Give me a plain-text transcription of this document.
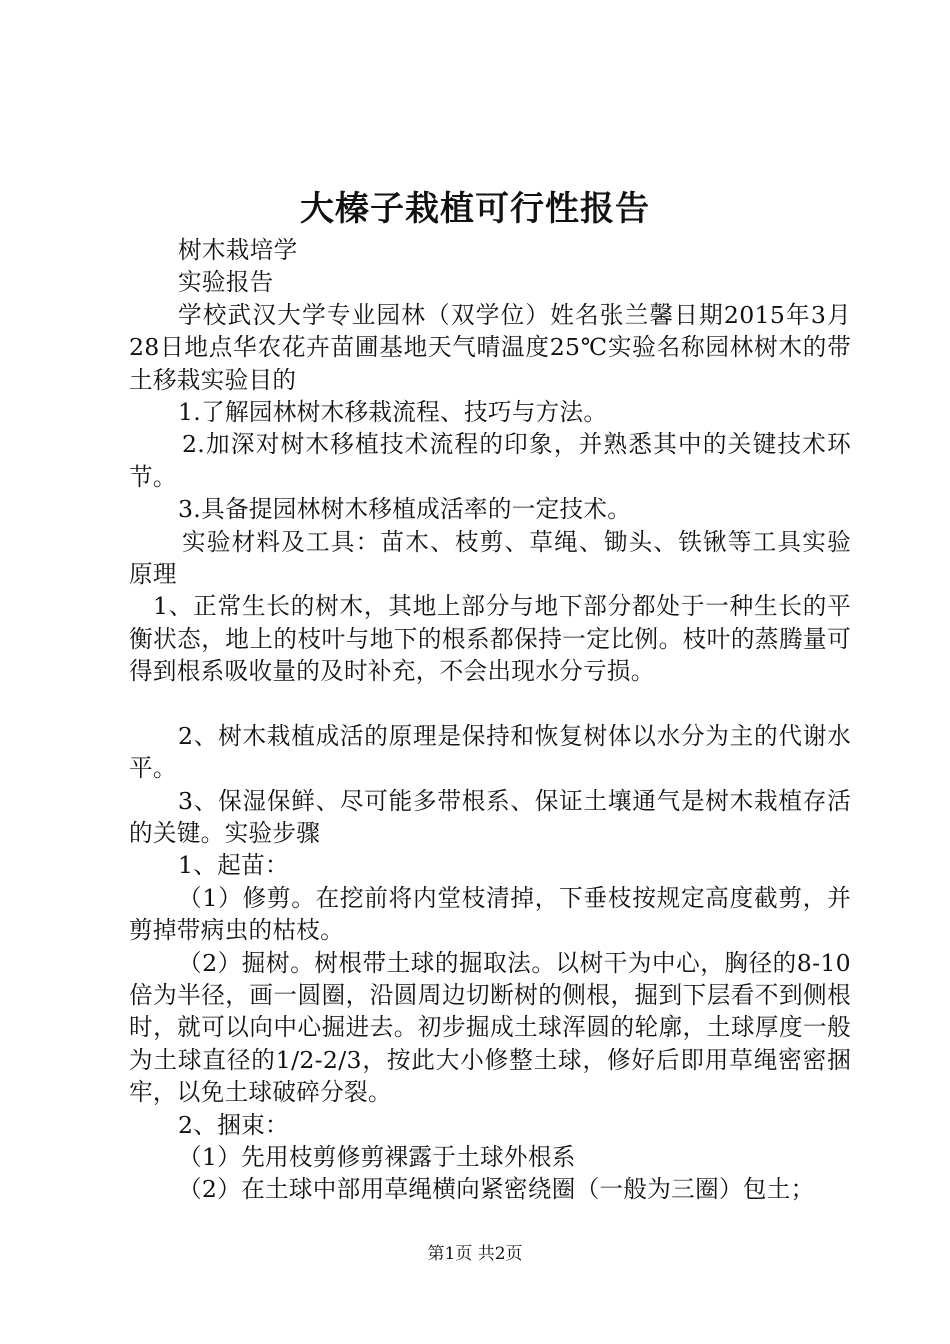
大榛子栽植可行性报告

树木栽培学

实验报告

学校武汉大学专业园林（双学位）姓名张兰馨日期2015年3月28日地点华农花卉苗圃基地天气晴温度25℃实验名称园林树木的带土移栽实验目的

1.了解园林树木移栽流程、技巧与方法。

2.加深对树木移植技术流程的印象，并熟悉其中的关键技术环节。

3.具备提园林树木移植成活率的一定技术。

实验材料及工具：苗木、枝剪、草绳、锄头、铁锹等工具实验原理

1、正常生长的树木，其地上部分与地下部分都处于一种生长的平衡状态，地上的枝叶与地下的根系都保持一定比例。枝叶的蒸腾量可得到根系吸收量的及时补充，不会出现水分亏损。

2、树木栽植成活的原理是保持和恢复树体以水分为主的代谢水平。

3、保湿保鲜、尽可能多带根系、保证土壤通气是树木栽植存活的关键。实验步骤

1、起苗：

（1）修剪。在挖前将内堂枝清掉，下垂枝按规定高度截剪，并剪掉带病虫的枯枝。

（2）掘树。树根带土球的掘取法。以树干为中心，胸径的8-10倍为半径，画一圆圈，沿圆周边切断树的侧根，掘到下层看不到侧根时，就可以向中心掘进去。初步掘成土球浑圆的轮廓，土球厚度一般为土球直径的1/2-2/3，按此大小修整土球，修好后即用草绳密密捆牢，以免土球破碎分裂。

2、捆束：

（1）先用枝剪修剪裸露于土球外根系

（2）在土球中部用草绳横向紧密绕圈（一般为三圈）包土；

第1页 共2页
